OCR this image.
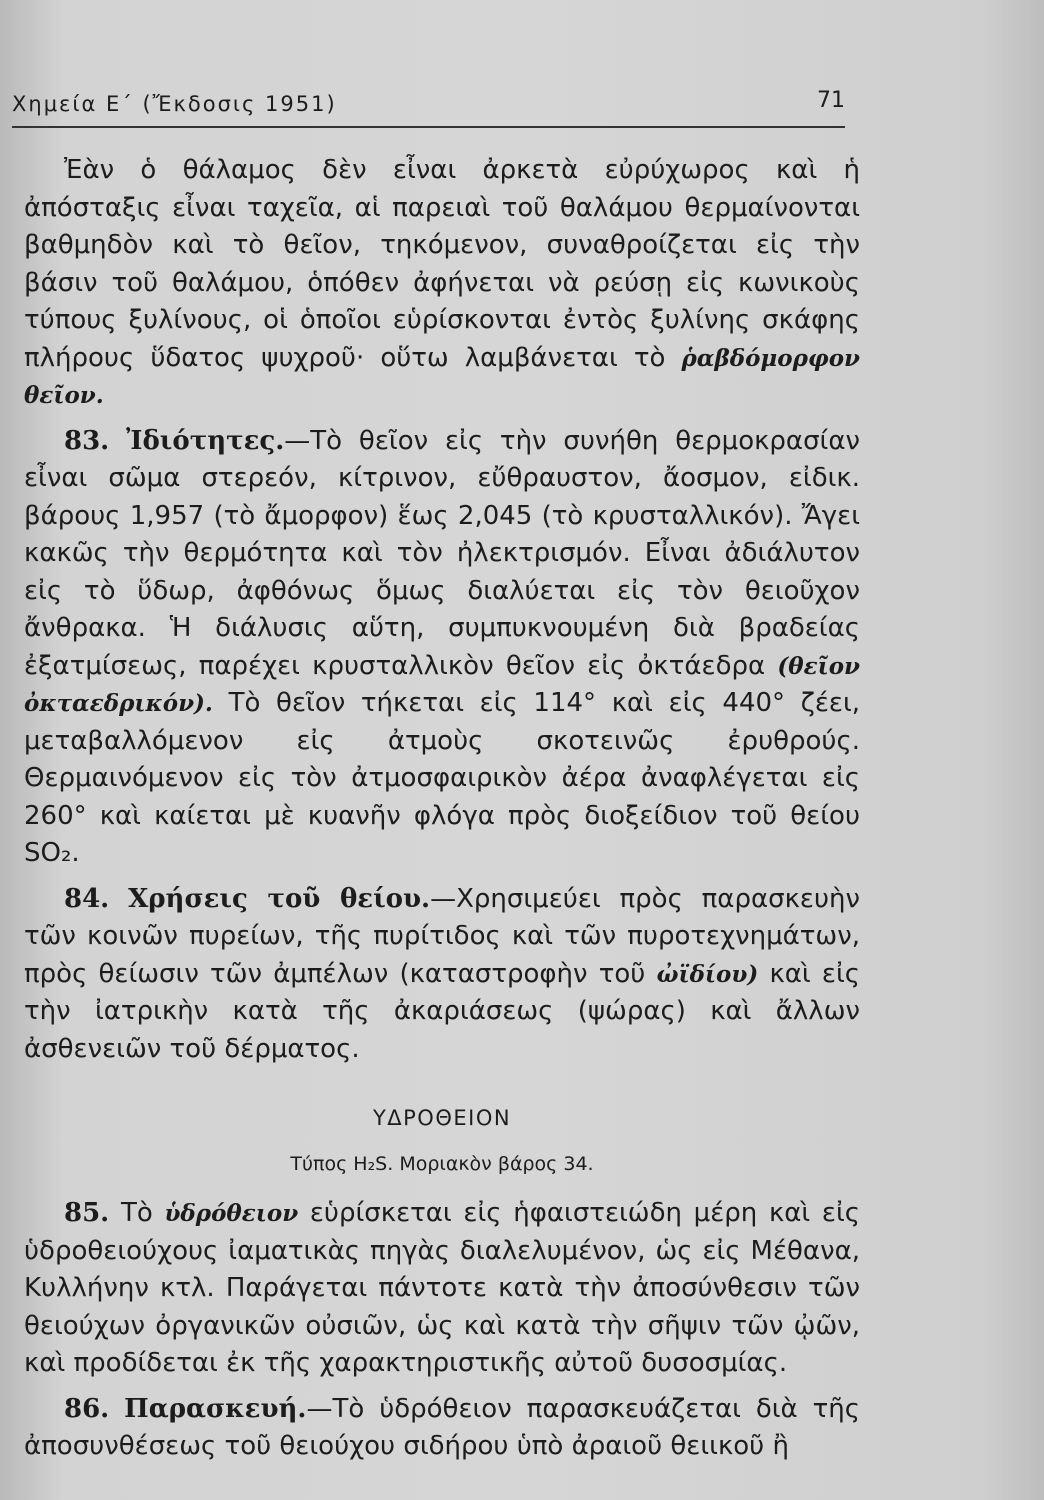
Χημεία Ε΄ (Ἔκδοσις 1951)	71

Ἐὰν ὁ θάλαμος δὲν εἶναι ἀρκετὰ εὐρύχωρος καὶ ἡ ἀπόσταξις εἶναι ταχεῖα, αἱ παρειαὶ τοῦ θαλάμου θερμαίνονται βαθμηδὸν καὶ τὸ θεῖον, τηκόμενον, συναθροίζεται εἰς τὴν βάσιν τοῦ θαλάμου, ὁπόθεν ἀφήνεται νὰ ρεύσῃ εἰς κωνικοὺς τύπους ξυλίνους, οἱ ὁποῖοι εὑρίσκονται ἐντὸς ξυλίνης σκάφης πλήρους ὕδατος ψυχροῦ· οὕτω λαμβάνεται τὸ ῥαβδόμορφον θεῖον.

83. Ἰδιότητες.—Τὸ θεῖον εἰς τὴν συνήθη θερμοκρασίαν εἶναι σῶμα στερεόν, κίτρινον, εὔθραυστον, ἄοσμον, εἰδικ. βάρους 1,957 (τὸ ἄμορφον) ἕως 2,045 (τὸ κρυσταλλικόν). Ἄγει κακῶς τὴν θερμότητα καὶ τὸν ἠλεκτρισμόν. Εἶναι ἀδιάλυτον εἰς τὸ ὕδωρ, ἀφθόνως ὅμως διαλύεται εἰς τὸν θειοῦχον ἄνθρακα. Ἡ διάλυσις αὕτη, συμπυκνουμένη διὰ βραδείας ἐξατμίσεως, παρέχει κρυσταλλικὸν θεῖον εἰς ὀκτάεδρα (θεῖον ὀκταεδρικόν). Τὸ θεῖον τήκεται εἰς 114° καὶ εἰς 440° ζέει, μεταβαλλόμενον εἰς ἀτμοὺς σκοτεινῶς ἐρυθρούς. Θερμαινόμενον εἰς τὸν ἀτμοσφαιρικὸν ἀέρα ἀναφλέγεται εἰς 260° καὶ καίεται μὲ κυανῆν φλόγα πρὸς διοξείδιον τοῦ θείου SO₂.

84. Χρήσεις τοῦ θείου.—Χρησιμεύει πρὸς παρασκευὴν τῶν κοινῶν πυρείων, τῆς πυρίτιδος καὶ τῶν πυροτεχνημάτων, πρὸς θείωσιν τῶν ἀμπέλων (καταστροφὴν τοῦ ὠϊδίου) καὶ εἰς τὴν ἰατρικὴν κατὰ τῆς ἀκαριάσεως (ψώρας) καὶ ἄλλων ἀσθενειῶν τοῦ δέρματος.

ΥΔΡΟΘΕΙΟΝ
Τύπος H₂S. Μοριακὸν βάρος 34.

85. Τὸ ὑδρόθειον εὑρίσκεται εἰς ἡφαιστειώδη μέρη καὶ εἰς ὑδροθειούχους ἰαματικὰς πηγὰς διαλελυμένον, ὡς εἰς Μέθανα, Κυλλήνην κτλ. Παράγεται πάντοτε κατὰ τὴν ἀποσύνθεσιν τῶν θειούχων ὀργανικῶν οὐσιῶν, ὡς καὶ κατὰ τὴν σῆψιν τῶν ᾠῶν, καὶ προδίδεται ἐκ τῆς χαρακτηριστικῆς αὐτοῦ δυσοσμίας.

86. Παρασκευή.—Τὸ ὑδρόθειον παρασκευάζεται διὰ τῆς ἀποσυνθέσεως τοῦ θειούχου σιδήρου ὑπὸ ἀραιοῦ θειικοῦ ἢ
